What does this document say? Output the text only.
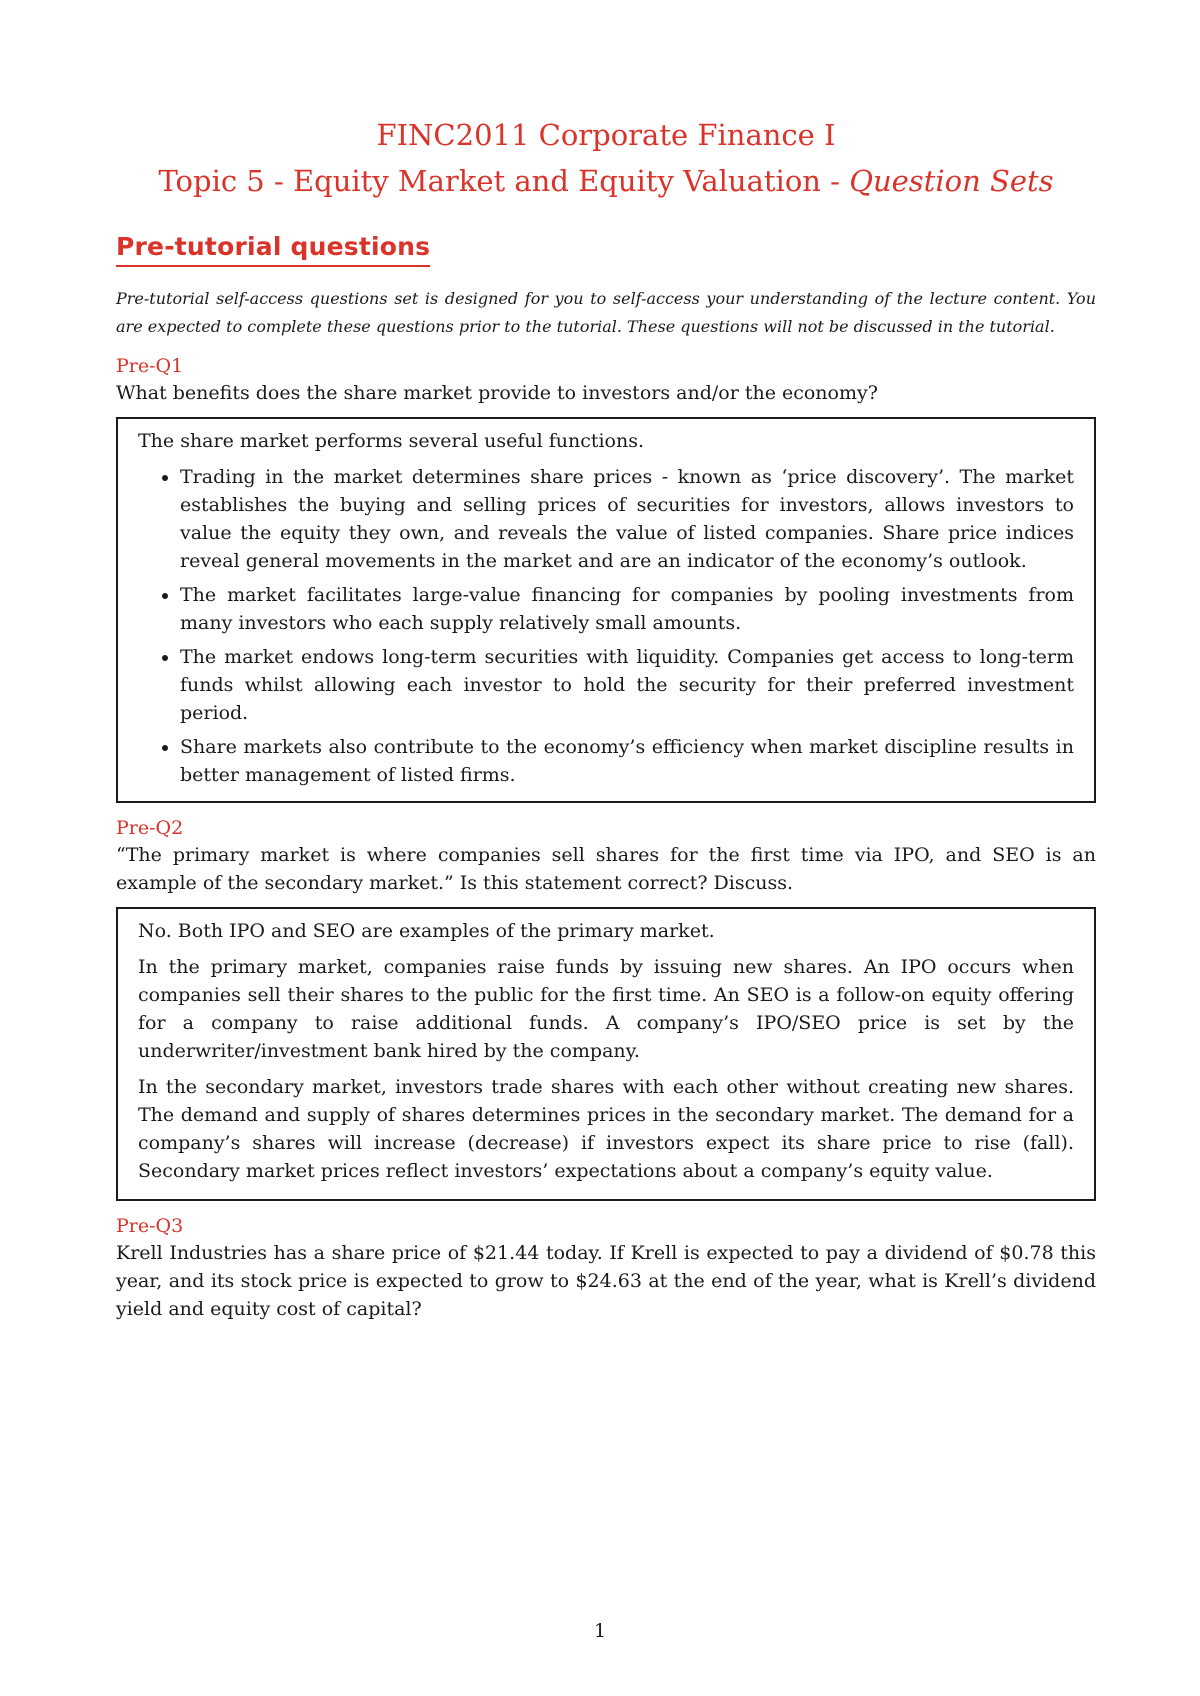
FINC2011 Corporate Finance I
Topic 5 - Equity Market and Equity Valuation - Question Sets
Pre-tutorial questions
Pre-tutorial self-access questions set is designed for you to self-access your understanding of the lecture content. You are expected to complete these questions prior to the tutorial. These questions will not be discussed in the tutorial.
Pre-Q1
What benefits does the share market provide to investors and/or the economy?

The share market performs several useful functions.

• Trading in the market determines share prices - known as ‘price discovery’. The market establishes the buying and selling prices of securities for investors, allows investors to value the equity they own, and reveals the value of listed companies. Share price indices reveal general movements in the market and are an indicator of the economy’s outlook.
• The market facilitates large-value financing for companies by pooling investments from many investors who each supply relatively small amounts.
• The market endows long-term securities with liquidity. Companies get access to long-term funds whilst allowing each investor to hold the security for their preferred investment period.
• Share markets also contribute to the economy’s efficiency when market discipline results in better management of listed firms.
Pre-Q2
“The primary market is where companies sell shares for the first time via IPO, and SEO is an example of the secondary market.” Is this statement correct? Discuss.

No. Both IPO and SEO are examples of the primary market.

In the primary market, companies raise funds by issuing new shares. An IPO occurs when companies sell their shares to the public for the first time. An SEO is a follow-on equity offering for a company to raise additional funds. A company’s IPO/SEO price is set by the underwriter/investment bank hired by the company.

In the secondary market, investors trade shares with each other without creating new shares. The demand and supply of shares determines prices in the secondary market. The demand for a company’s shares will increase (decrease) if investors expect its share price to rise (fall). Secondary market prices reflect investors’ expectations about a company’s equity value.

Pre-Q3
Krell Industries has a share price of $21.44 today. If Krell is expected to pay a dividend of $0.78 this year, and its stock price is expected to grow to $24.63 at the end of the year, what is Krell’s dividend yield and equity cost of capital?
1
